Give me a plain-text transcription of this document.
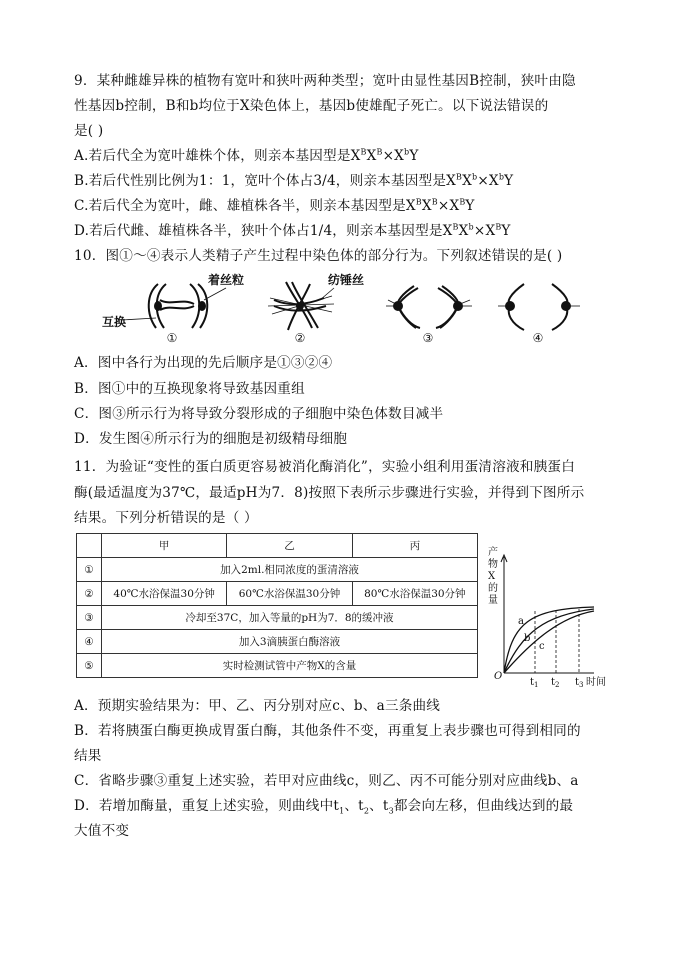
9．某种雌雄异株的植物有宽叶和狭叶两种类型；宽叶由显性基因B控制，狭叶由隐
性基因b控制，B和b均位于X染色体上，基因b使雄配子死亡。以下说法错误的
是( )
A.若后代全为宽叶雄株个体，则亲本基因型是$X^BX^B\times X^bY$
B.若后代性别比例为1：1，宽叶个体占3/4，则亲本基因型是$X^BX^b\times X^bY$
C.若后代全为宽叶，雌、雄植株各半，则亲本基因型是$X^BX^B\times X^BY$
D.若后代雌、雄植株各半，狭叶个体占1/4，则亲本基因型是$X^BX^b\times X^BY$
10．图①～④表示人类精子产生过程中染色体的部分行为。下列叙述错误的是( )
互换
着丝粒
①
纺锤丝
②	③	④
A．图中各行为出现的先后顺序是①③②④
B．图①中的互换现象将导致基因重组
C．图③所示行为将导致分裂形成的子细胞中染色体数目减半
D．发生图④所示行为的细胞是初级精母细胞
11．为验证“变性的蛋白质更容易被消化酶消化”，实验小组利用蛋清溶液和胰蛋白
酶(最适温度为37℃，最适pH为7．8)按照下表所示步骤进行实验，并得到下图所示
结果。下列分析错误的是（ ）
	甲	乙	丙
①	加入2ml.相同浓度的蛋清溶液		
②	40℃水浴保温30分钟	60℃水浴保温30分钟	80℃水浴保温30分钟
③	冷却至37C，加入等量的pH为7．8的缓冲液		
④	加入3滴胰蛋白酶溶液		
⑤	实时检测试管中产物X的含量		
产
物
X
的
量
O
a
b
c
$t_1$ $t_2$ $t_3$ 时间
A．预期实验结果为：甲、乙、丙分别对应c、b、a三条曲线
B．若将胰蛋白酶更换成胃蛋白酶，其他条件不变，再重复上表步骤也可得到相同的
结果
C．省略步骤③重复上述实验，若甲对应曲线c，则乙、丙不可能分别对应曲线b、a
D．若增加酶量，重复上述实验，则曲线中$t_1$、$t_2$、$t_3$都会向左移，但曲线达到的最
大值不变
